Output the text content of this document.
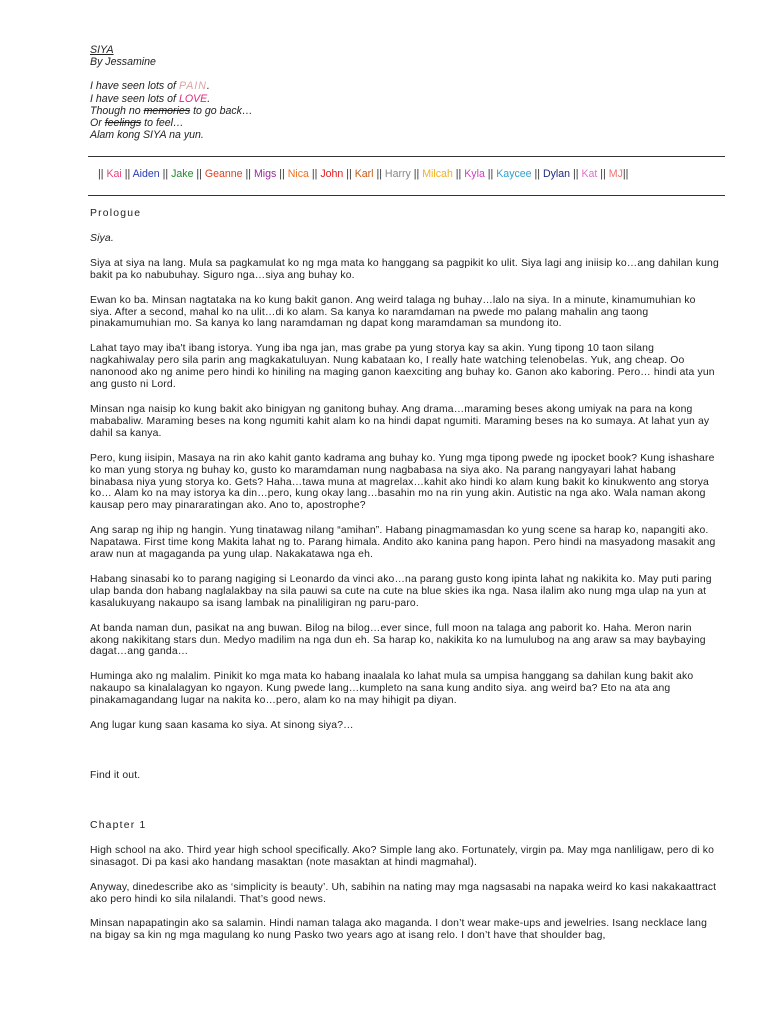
SIYA
By Jessamine
I have seen lots of PAIN.
I have seen lots of LOVE.
Though no memories to go back…
Or feelings to feel…
Alam kong SIYA na yun.
|| Kai || Aiden || Jake || Geanne || Migs || Nica || John || Karl || Harry || Milcah || Kyla || Kaycee || Dylan || Kat || MJ||

Prologue

Siya.

Siya at siya na lang. Mula sa pagkamulat ko ng mga mata ko hanggang sa pagpikit ko ulit. Siya lagi ang iniisip ko…ang dahilan kung bakit pa ko nabubuhay. Siguro nga…siya ang buhay ko.

Ewan ko ba. Minsan nagtataka na ko kung bakit ganon. Ang weird talaga ng buhay…lalo na siya. In a minute, kinamumuhian ko siya. After a second, mahal ko na ulit…di ko alam. Sa kanya ko naramdaman na pwede mo palang mahalin ang taong pinakamumuhian mo. Sa kanya ko lang naramdaman ng dapat kong maramdaman sa mundong ito.

Lahat tayo may iba't ibang istorya. Yung iba nga jan, mas grabe pa yung storya kay sa akin. Yung tipong 10 taon silang nagkahiwalay pero sila parin ang magkakatuluyan. Nung kabataan ko, I really hate watching telenobelas. Yuk, ang cheap. Oo nanonood ako ng anime pero hindi ko hiniling na maging ganon kaexciting ang buhay ko. Ganon ako kaboring. Pero… hindi ata yun ang gusto ni Lord.

Minsan nga naisip ko kung bakit ako binigyan ng ganitong buhay. Ang drama…maraming beses akong umiyak na para na kong mababaliw. Maraming beses na kong ngumiti kahit alam ko na hindi dapat ngumiti. Maraming beses na ko sumaya. At lahat yun ay dahil sa kanya.

Pero, kung iisipin, Masaya na rin ako kahit ganto kadrama ang buhay ko. Yung mga tipong pwede ng ipocket book? Kung ishashare ko man yung storya ng buhay ko, gusto ko maramdaman nung nagbabasa na siya ako. Na parang nangyayari lahat habang binabasa niya yung storya ko. Gets? Haha…tawa muna at magrelax…kahit ako hindi ko alam kung bakit ko kinukwento ang storya ko… Alam ko na may istorya ka din…pero, kung okay lang…basahin mo na rin yung akin. Autistic na nga ako. Wala naman akong kausap pero may pinararatingan ako. Ano to, apostrophe?

Ang sarap ng ihip ng hangin. Yung tinatawag nilang “amihan”. Habang pinagmamasdan ko yung scene sa harap ko, napangiti ako. Napatawa. First time kong Makita lahat ng to. Parang himala. Andito ako kanina pang hapon. Pero hindi na masyadong masakit ang araw nun at magaganda pa yung ulap. Nakakatawa nga eh.

Habang sinasabi ko to parang nagiging si Leonardo da vinci ako…na parang gusto kong ipinta lahat ng nakikita ko. May puti paring ulap banda don habang naglalakbay na sila pauwi sa cute na cute na blue skies ika nga. Nasa ilalim ako nung mga ulap na yun at kasalukuyang nakaupo sa isang lambak na pinaliligiran ng paru-paro.

At banda naman dun, pasikat na ang buwan. Bilog na bilog…ever since, full moon na talaga ang paborit ko. Haha. Meron narin akong nakikitang stars dun. Medyo madilim na nga dun eh. Sa harap ko, nakikita ko na lumulubog na ang araw sa may baybaying dagat…ang ganda…

Huminga ako ng malalim. Pinikit ko mga mata ko habang inaalala ko lahat mula sa umpisa hanggang sa dahilan kung bakit ako nakaupo sa kinalalagyan ko ngayon. Kung pwede lang…kumpleto na sana kung andito siya. ang weird ba? Eto na ata ang pinakamagandang lugar na nakita ko…pero, alam ko na may hihigit pa diyan.

Ang lugar kung saan kasama ko siya. At sinong siya?…

Find it out.

Chapter 1

High school na ako. Third year high school specifically. Ako? Simple lang ako. Fortunately, virgin pa. May mga nanliligaw, pero di ko sinasagot. Di pa kasi ako handang masaktan (note masaktan at hindi magmahal).

Anyway, dinedescribe ako as ‘simplicity is beauty’. Uh, sabihin na nating may mga nagsasabi na napaka weird ko kasi nakakaattract ako pero hindi ko sila nilalandi. That’s good news.

Minsan napapatingin ako sa salamin. Hindi naman talaga ako maganda. I don’t wear make-ups and jewelries. Isang necklace lang na bigay sa kin ng mga magulang ko nung Pasko two years ago at isang relo. I don’t have that shoulder bag,
